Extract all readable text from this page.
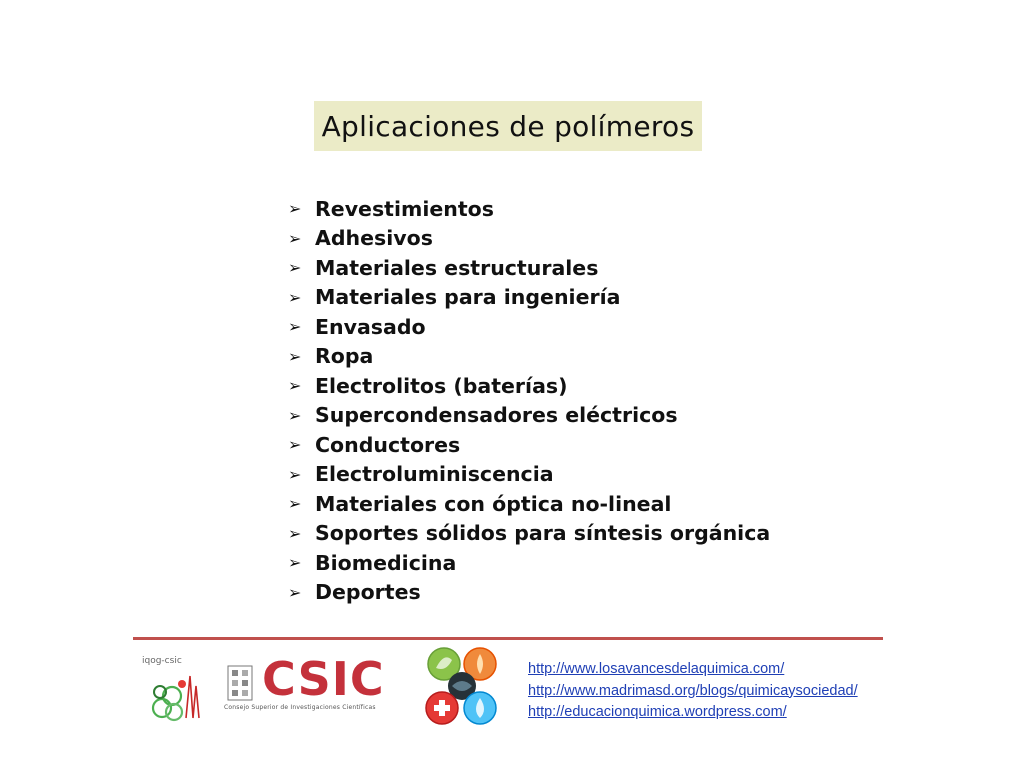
Aplicaciones de polímeros
➢ Revestimientos
➢ Adhesivos
➢ Materiales estructurales
➢ Materiales para ingeniería
➢ Envasado
➢ Ropa
➢ Electrolitos (baterías)
➢ Supercondensadores eléctricos
➢ Conductores
➢ Electroluminiscencia
➢ Materiales con óptica no-lineal
➢ Soportes sólidos para síntesis orgánica
➢ Biomedicina
➢ Deportes
iqog-csic CSIC
Consejo Superior de Investigaciones Científicas
http://www.losavancesdelaquimica.com/
http://www.madrimasd.org/blogs/quimicaysociedad/
http://educacionquimica.wordpress.com/
